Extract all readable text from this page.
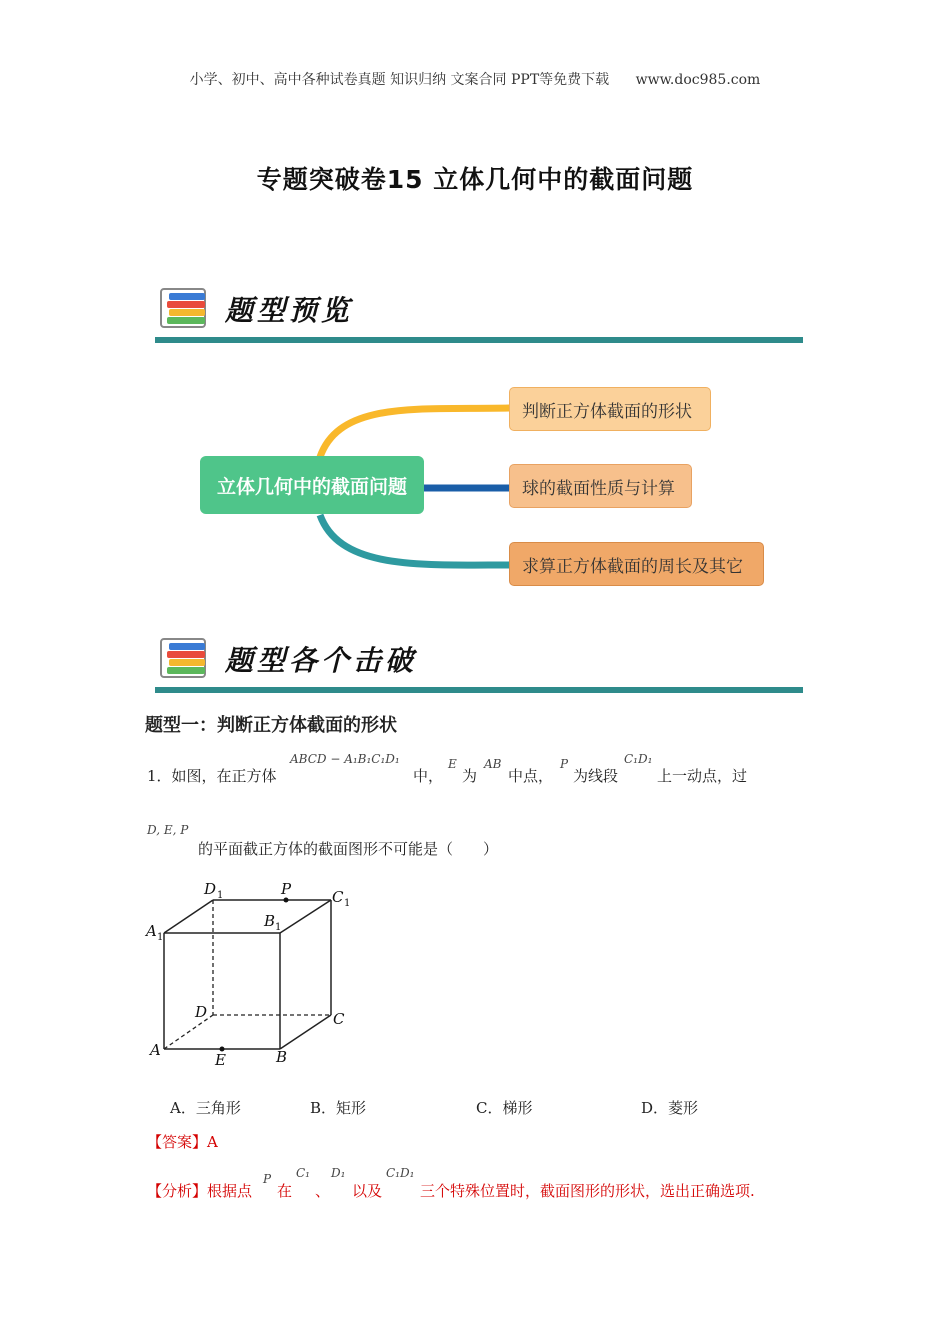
小学、初中、高中各种试卷真题 知识归纳 文案合同 PPT等免费下载 www.doc985.com
专题突破卷15 立体几何中的截面问题
题型预览
立体几何中的截面问题
判断正方体截面的形状
球的截面性质与计算
求算正方体截面的周长及其它
题型各个击破
题型一：判断正方体截面的形状
1．如图，在正方体
ABCD − A₁B₁C₁D₁
中，
E
为
AB
中点，
P
为线段
C₁D₁
上一动点，过
D, E, P
的平面截正方体的截面图形不可能是（　　）
D 1	P	C 1
A 1
B 1
D	C
A
E	B
A．三角形	B．矩形	C．梯形	D．菱形
【答案】A
【分析】根据点
P
在
C₁
、
D₁
以及
C₁D₁
三个特殊位置时，截面图形的形状，选出正确选项.
